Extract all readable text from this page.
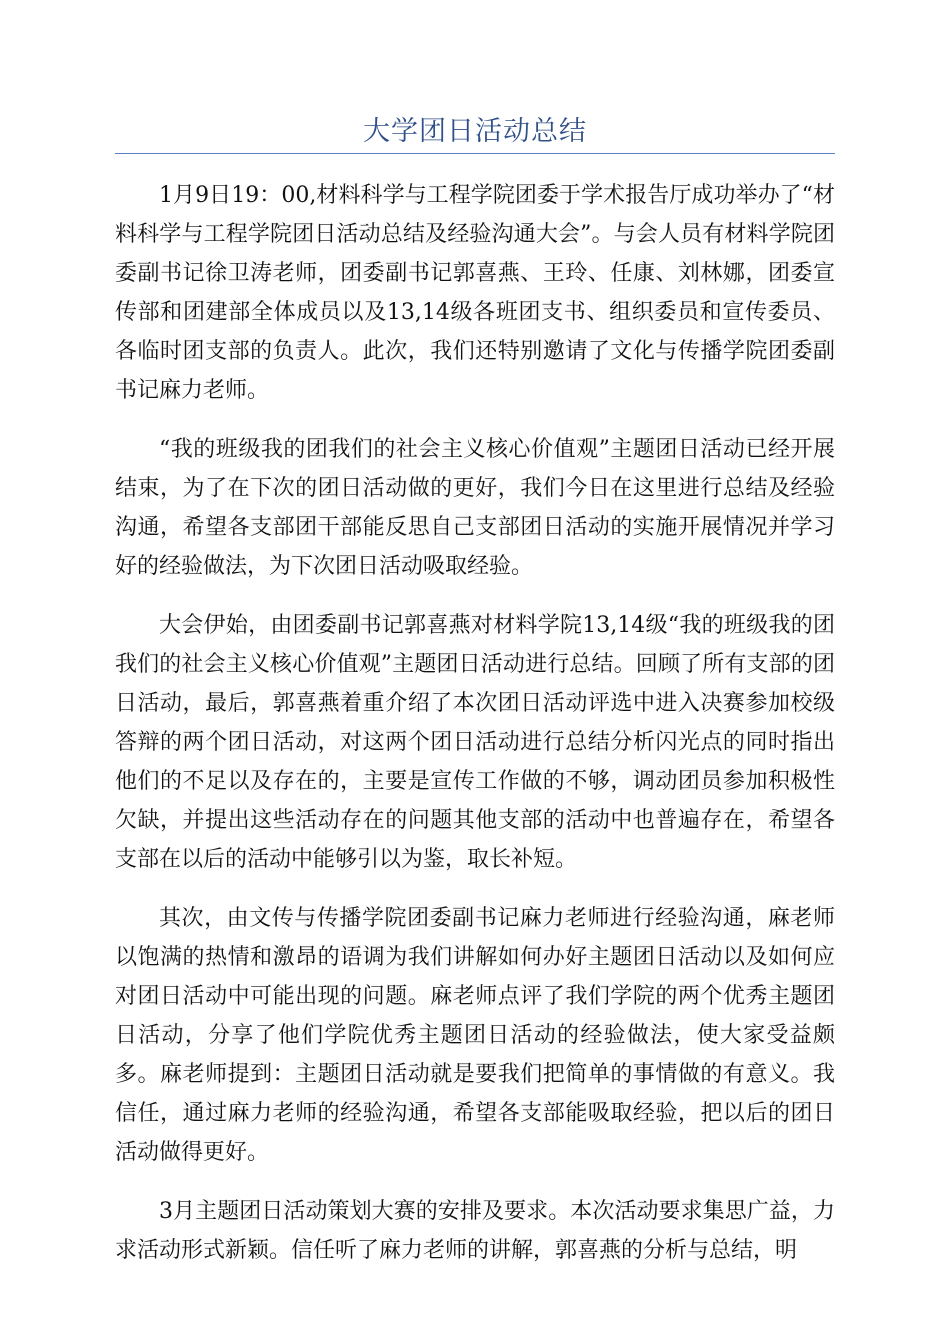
大学团日活动总结

1月9日19：00,材料科学与工程学院团委于学术报告厅成功举办了“材料科学与工程学院团日活动总结及经验沟通大会”。与会人员有材料学院团委副书记徐卫涛老师，团委副书记郭喜燕、王玲、任康、刘林娜，团委宣传部和团建部全体成员以及13,14级各班团支书、组织委员和宣传委员、各临时团支部的负责人。此次，我们还特别邀请了文化与传播学院团委副书记麻力老师。

“我的班级我的团我们的社会主义核心价值观”主题团日活动已经开展结束，为了在下次的团日活动做的更好，我们今日在这里进行总结及经验沟通，希望各支部团干部能反思自己支部团日活动的实施开展情况并学习好的经验做法，为下次团日活动吸取经验。

大会伊始，由团委副书记郭喜燕对材料学院13,14级“我的班级我的团我们的社会主义核心价值观”主题团日活动进行总结。回顾了所有支部的团日活动，最后，郭喜燕着重介绍了本次团日活动评选中进入决赛参加校级答辩的两个团日活动，对这两个团日活动进行总结分析闪光点的同时指出他们的不足以及存在的，主要是宣传工作做的不够，调动团员参加积极性欠缺，并提出这些活动存在的问题其他支部的活动中也普遍存在，希望各支部在以后的活动中能够引以为鉴，取长补短。

其次，由文传与传播学院团委副书记麻力老师进行经验沟通，麻老师以饱满的热情和激昂的语调为我们讲解如何办好主题团日活动以及如何应对团日活动中可能出现的问题。麻老师点评了我们学院的两个优秀主题团日活动，分享了他们学院优秀主题团日活动的经验做法，使大家受益颇多。麻老师提到：主题团日活动就是要我们把简单的事情做的有意义。我信任，通过麻力老师的经验沟通，希望各支部能吸取经验，把以后的团日活动做得更好。

3月主题团日活动策划大赛的安排及要求。本次活动要求集思广益，力求活动形式新颖。信任听了麻力老师的讲解，郭喜燕的分析与总结，明
